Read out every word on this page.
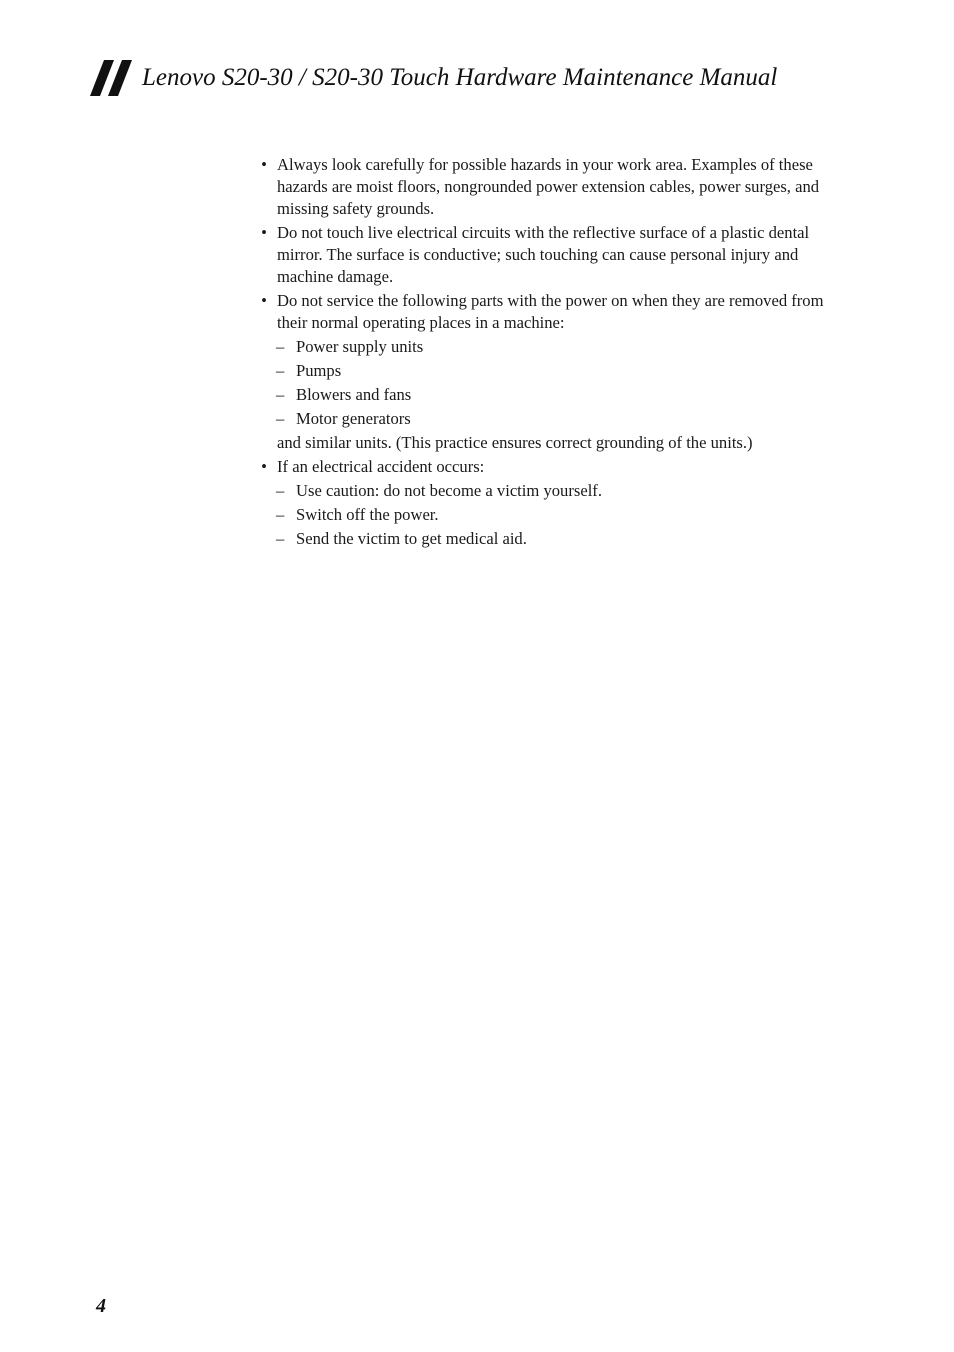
Lenovo S20-30 / S20-30 Touch Hardware Maintenance Manual
• Always look carefully for possible hazards in your work area. Examples of these hazards are moist floors, nongrounded power extension cables, power surges, and missing safety grounds.
• Do not touch live electrical circuits with the reflective surface of a plastic dental mirror. The surface is conductive; such touching can cause personal injury and machine damage.
• Do not service the following parts with the power on when they are removed from their normal operating places in a machine:
– Power supply units
– Pumps
– Blowers and fans
– Motor generators
and similar units. (This practice ensures correct grounding of the units.)
• If an electrical accident occurs:
– Use caution: do not become a victim yourself.
– Switch off the power.
– Send the victim to get medical aid.
4
